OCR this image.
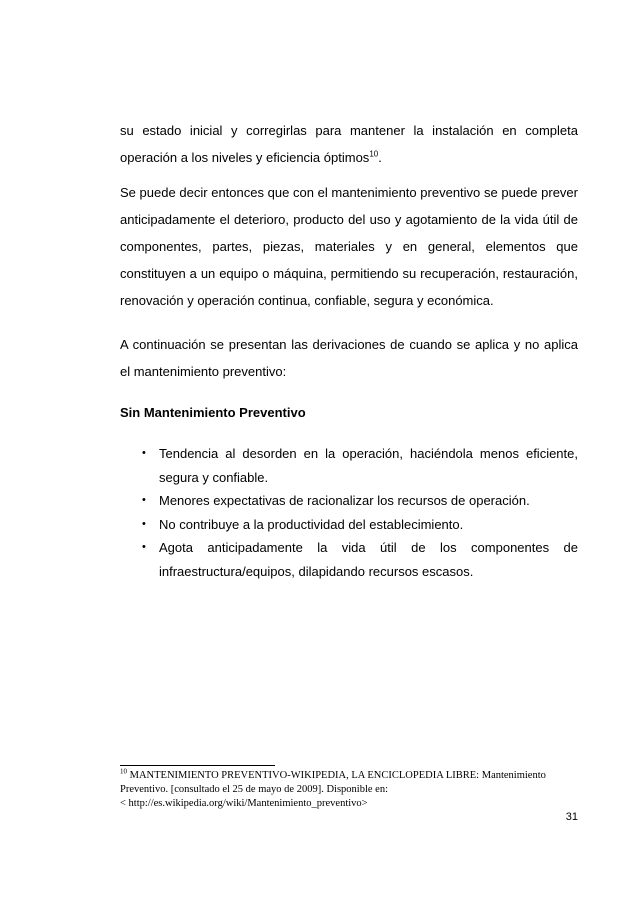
su estado inicial y corregirlas para mantener la instalación en completa operación a los niveles y eficiencia óptimos$^{10}$.

Se puede decir entonces que con el mantenimiento preventivo se puede prever anticipadamente el deterioro, producto del uso y agotamiento de la vida útil de componentes, partes, piezas, materiales y en general, elementos que constituyen a un equipo o máquina, permitiendo su recuperación, restauración, renovación y operación continua, confiable, segura y económica.

A continuación se presentan las derivaciones de cuando se aplica y no aplica el mantenimiento preventivo:

Sin Mantenimiento Preventivo

• Tendencia al desorden en la operación, haciéndola menos eficiente, segura y confiable.
• Menores expectativas de racionalizar los recursos de operación.
• No contribuye a la productividad del establecimiento.
• Agota anticipadamente la vida útil de los componentes de infraestructura/equipos, dilapidando recursos escasos.

$^{10}$ MANTENIMIENTO PREVENTIVO-WIKIPEDIA, LA ENCICLOPEDIA LIBRE: Mantenimiento Preventivo. [consultado el 25 de mayo de 2009]. Disponible en:
< http://es.wikipedia.org/wiki/Mantenimiento_preventivo>

31
